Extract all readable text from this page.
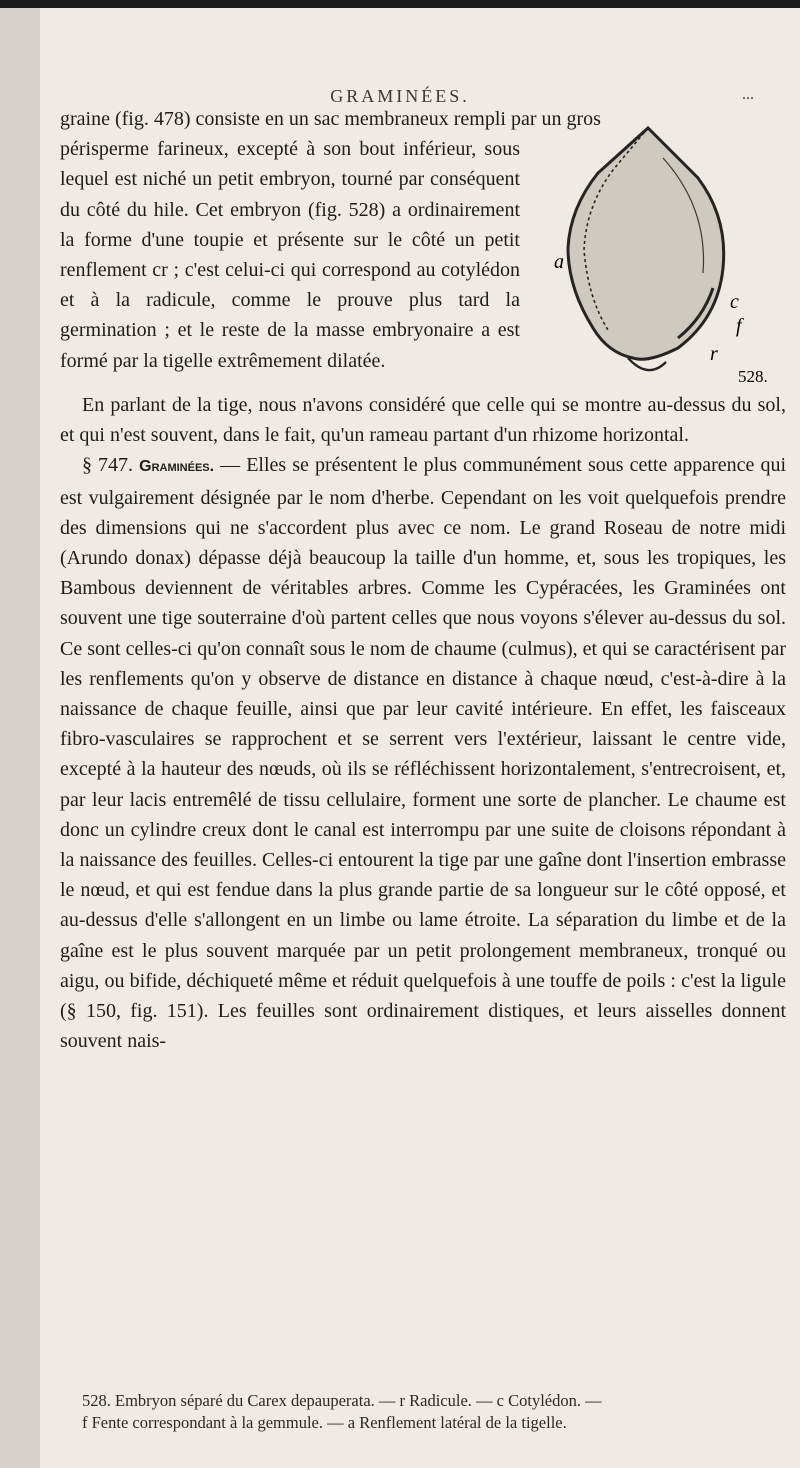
GRAMINÉES.	...

graine (fig. 478) consiste en un sac membraneux rempli par un gros

périsperme farineux, excepté à son bout inférieur, sous lequel est niché un petit embryon, tourné par conséquent du côté du hile. Cet embryon (fig. 528) a ordinairement la forme d'une toupie et présente sur le côté un petit renflement cr ; c'est celui-ci qui correspond au cotylédon et à la radicule, comme le prouve plus tard la germination ; et le reste de la masse embryonaire a est formé par la tigelle extrêmement dilatée.

a
c
f
r
528.

En parlant de la tige, nous n'avons considéré que celle qui se montre au-dessus du sol, et qui n'est souvent, dans le fait, qu'un rameau partant d'un rhizome horizontal.

§ 747. Graminées. — Elles se présentent le plus communément sous cette apparence qui est vulgairement désignée par le nom d'herbe. Cependant on les voit quelquefois prendre des dimensions qui ne s'accordent plus avec ce nom. Le grand Roseau de notre midi (Arundo donax) dépasse déjà beaucoup la taille d'un homme, et, sous les tropiques, les Bambous deviennent de véritables arbres. Comme les Cypéracées, les Graminées ont souvent une tige souterraine d'où partent celles que nous voyons s'élever au-dessus du sol. Ce sont celles-ci qu'on connaît sous le nom de chaume (culmus), et qui se caractérisent par les renflements qu'on y observe de distance en distance à chaque nœud, c'est-à-dire à la naissance de chaque feuille, ainsi que par leur cavité intérieure. En effet, les faisceaux fibro-vasculaires se rapprochent et se serrent vers l'extérieur, laissant le centre vide, excepté à la hauteur des nœuds, où ils se réfléchissent horizontalement, s'entrecroisent, et, par leur lacis entremêlé de tissu cellulaire, forment une sorte de plancher. Le chaume est donc un cylindre creux dont le canal est interrompu par une suite de cloisons répondant à la naissance des feuilles. Celles-ci entourent la tige par une gaîne dont l'insertion embrasse le nœud, et qui est fendue dans la plus grande partie de sa longueur sur le côté opposé, et au-dessus d'elle s'allongent en un limbe ou lame étroite. La séparation du limbe et de la gaîne est le plus souvent marquée par un petit prolongement membraneux, tronqué ou aigu, ou bifide, déchiqueté même et réduit quelquefois à une touffe de poils : c'est la ligule (§ 150, fig. 151). Les feuilles sont ordinairement distiques, et leurs aisselles donnent souvent nais-

528. Embryon séparé du Carex depauperata. — r Radicule. — c Cotylédon. —

f Fente correspondant à la gemmule. — a Renflement latéral de la tigelle.
